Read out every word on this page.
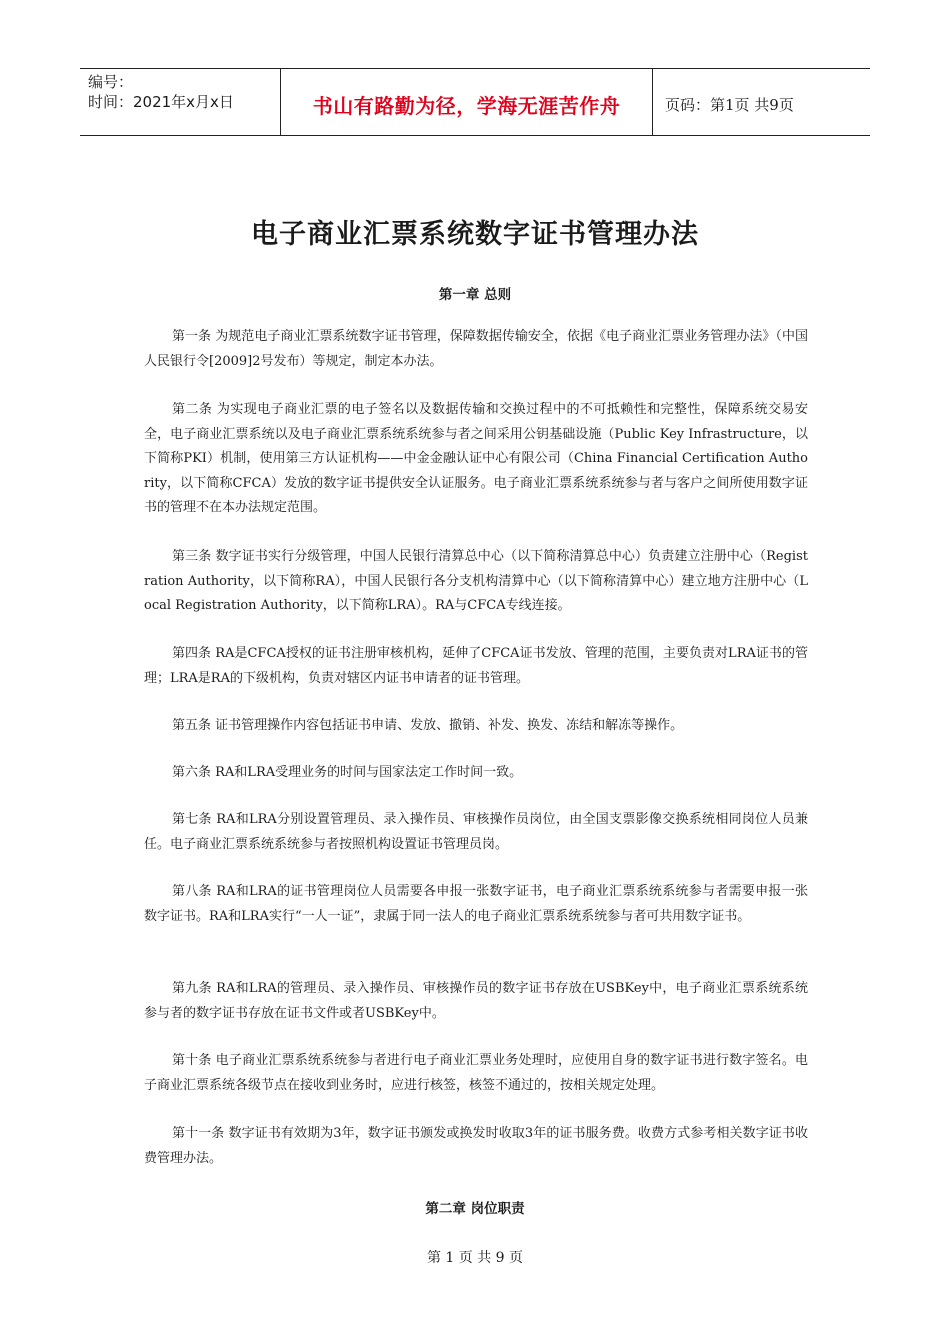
编号：
时间：2021年x月x日	书山有路勤为径，学海无涯苦作舟	页码：第1页 共9页
电子商业汇票系统数字证书管理办法
第一章 总则
第一条 为规范电子商业汇票系统数字证书管理，保障数据传输安全，依据《电子商业汇票业务管理办法》（中国人民银行令[2009]2号发布）等规定，制定本办法。
第二条 为实现电子商业汇票的电子签名以及数据传输和交换过程中的不可抵赖性和完整性，保障系统交易安全，电子商业汇票系统以及电子商业汇票系统系统参与者之间采用公钥基础设施（Public Key Infrastructure，以下简称PKI）机制，使用第三方认证机构——中金金融认证中心有限公司（China Financial Certification Authority，以下简称CFCA）发放的数字证书提供安全认证服务。电子商业汇票系统系统参与者与客户之间所使用数字证书的管理不在本办法规定范围。
第三条 数字证书实行分级管理，中国人民银行清算总中心（以下简称清算总中心）负责建立注册中心（Registration Authority，以下简称RA），中国人民银行各分支机构清算中心（以下简称清算中心）建立地方注册中心（Local Registration Authority，以下简称LRA）。RA与CFCA专线连接。
第四条 RA是CFCA授权的证书注册审核机构，延伸了CFCA证书发放、管理的范围，主要负责对LRA证书的管理；LRA是RA的下级机构，负责对辖区内证书申请者的证书管理。
第五条 证书管理操作内容包括证书申请、发放、撤销、补发、换发、冻结和解冻等操作。
第六条 RA和LRA受理业务的时间与国家法定工作时间一致。
第七条 RA和LRA分别设置管理员、录入操作员、审核操作员岗位，由全国支票影像交换系统相同岗位人员兼任。电子商业汇票系统系统参与者按照机构设置证书管理员岗。
第八条 RA和LRA的证书管理岗位人员需要各申报一张数字证书，电子商业汇票系统系统参与者需要申报一张数字证书。RA和LRA实行“一人一证”，隶属于同一法人的电子商业汇票系统系统参与者可共用数字证书。
第九条 RA和LRA的管理员、录入操作员、审核操作员的数字证书存放在USBKey中，电子商业汇票系统系统参与者的数字证书存放在证书文件或者USBKey中。
第十条 电子商业汇票系统系统参与者进行电子商业汇票业务处理时，应使用自身的数字证书进行数字签名。电子商业汇票系统各级节点在接收到业务时，应进行核签，核签不通过的，按相关规定处理。
第十一条 数字证书有效期为3年，数字证书颁发或换发时收取3年的证书服务费。收费方式参考相关数字证书收费管理办法。
第二章 岗位职责
第 1 页 共 9 页
